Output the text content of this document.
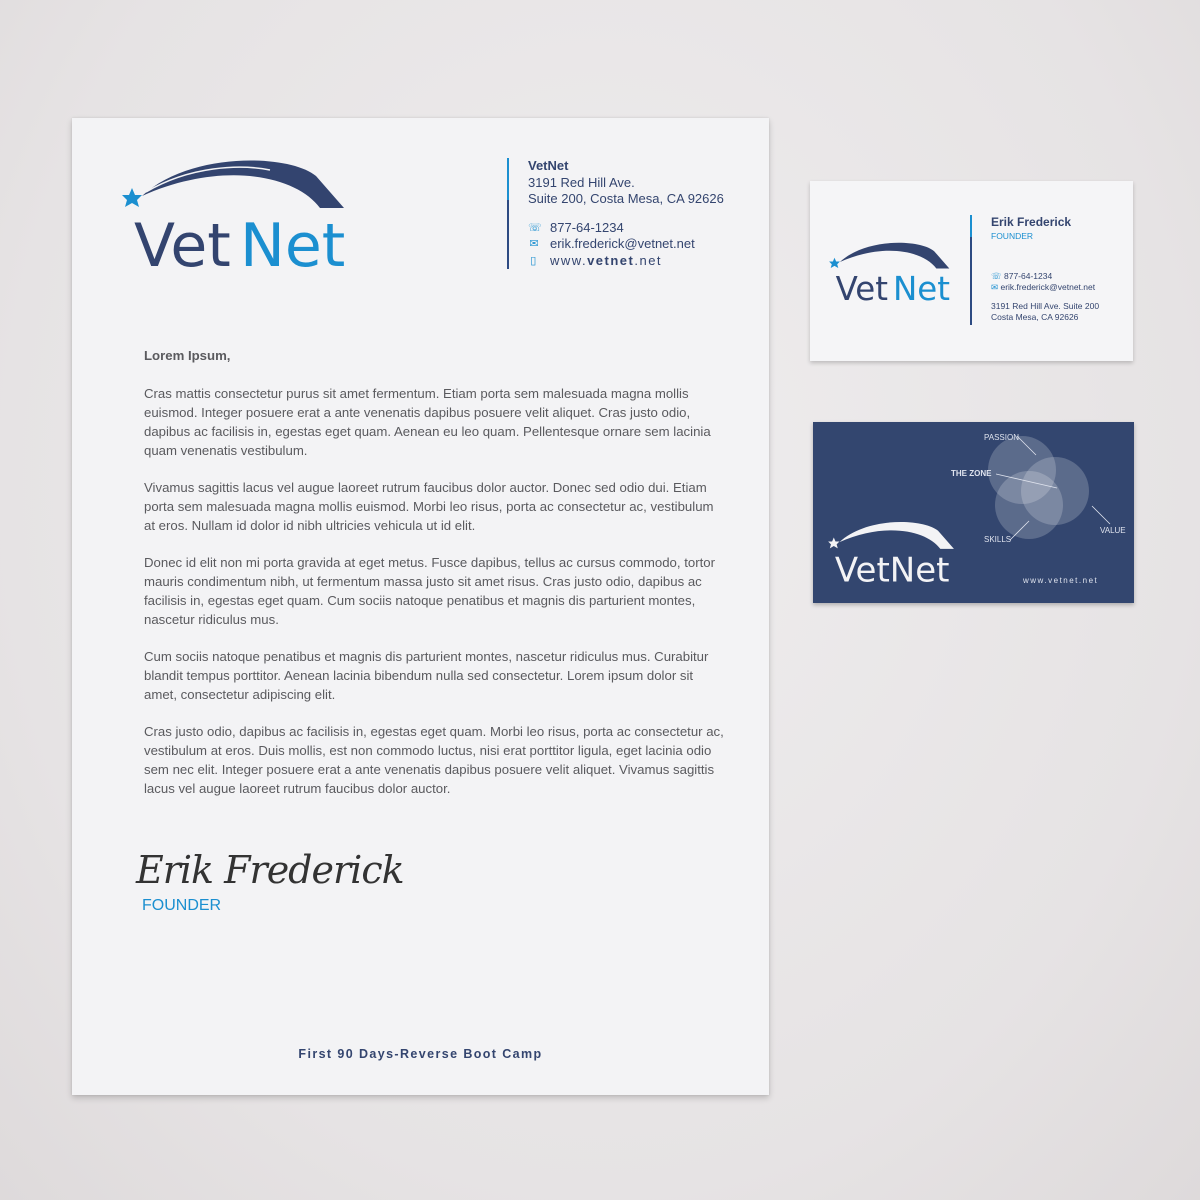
Vet Net
VetNet
3191 Red Hill Ave.
Suite 200, Costa Mesa, CA 92626
☏ 877-64-1234
✉ erik.frederick@vetnet.net
▯ www.vetnet.net

Lorem Ipsum,

Cras mattis consectetur purus sit amet fermentum. Etiam porta sem malesuada magna mollis euismod. Integer posuere erat a ante venenatis dapibus posuere velit aliquet. Cras justo odio, dapibus ac facilisis in, egestas eget quam. Aenean eu leo quam. Pellentesque ornare sem lacinia quam venenatis vestibulum.

Vivamus sagittis lacus vel augue laoreet rutrum faucibus dolor auctor. Donec sed odio dui. Etiam porta sem malesuada magna mollis euismod. Morbi leo risus, porta ac consectetur ac, vestibulum at eros. Nullam id dolor id nibh ultricies vehicula ut id elit.

Donec id elit non mi porta gravida at eget metus. Fusce dapibus, tellus ac cursus commodo, tortor mauris condimentum nibh, ut fermentum massa justo sit amet risus. Cras justo odio, dapibus ac facilisis in, egestas eget quam. Cum sociis natoque penatibus et magnis dis parturient montes, nascetur ridiculus mus.

Cum sociis natoque penatibus et magnis dis parturient montes, nascetur ridiculus mus. Curabitur blandit tempus porttitor. Aenean lacinia bibendum nulla sed consectetur. Lorem ipsum dolor sit amet, consectetur adipiscing elit.

Cras justo odio, dapibus ac facilisis in, egestas eget quam. Morbi leo risus, porta ac consectetur ac, vestibulum at eros. Duis mollis, est non commodo luctus, nisi erat porttitor ligula, eget lacinia odio sem nec elit. Integer posuere erat a ante venenatis dapibus posuere velit aliquet. Vivamus sagittis lacus vel augue laoreet rutrum faucibus dolor auctor.

Erik Frederick
FOUNDER
First 90 Days-Reverse Boot Camp
Vet Net
Erik Frederick
FOUNDER
☏ 877-64-1234
✉ erik.frederick@vetnet.net
3191 Red Hill Ave. Suite 200
Costa Mesa, CA 92626
PASSION
THE ZONE
SKILLS
VALUE
VetNet	www.vetnet.net
